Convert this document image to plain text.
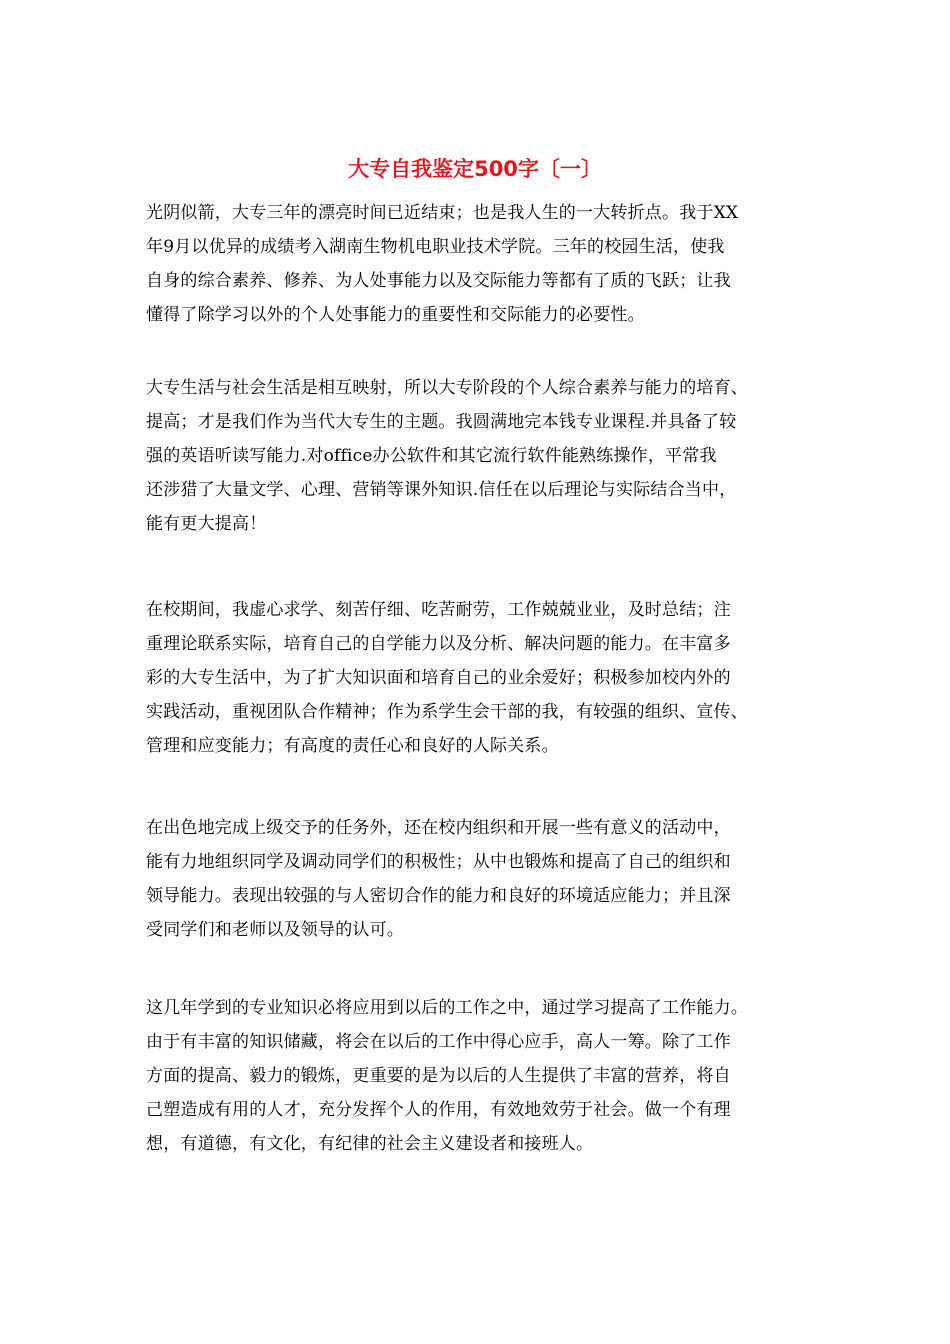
大专自我鉴定500字〔一〕
光阴似箭，大专三年的漂亮时间已近结束；也是我人生的一大转折点。我于XX
年9月以优异的成绩考入湖南生物机电职业技术学院。三年的校园生活，使我
自身的综合素养、修养、为人处事能力以及交际能力等都有了质的飞跃；让我
懂得了除学习以外的个人处事能力的重要性和交际能力的必要性。
大专生活与社会生活是相互映射，所以大专阶段的个人综合素养与能力的培育、
提高；才是我们作为当代大专生的主题。我圆满地完本钱专业课程.并具备了较
强的英语听读写能力.对office办公软件和其它流行软件能熟练操作，平常我
还涉猎了大量文学、心理、营销等课外知识.信任在以后理论与实际结合当中，
能有更大提高！
在校期间，我虚心求学、刻苦仔细、吃苦耐劳，工作兢兢业业，及时总结；注
重理论联系实际，培育自己的自学能力以及分析、解决问题的能力。在丰富多
彩的大专生活中，为了扩大知识面和培育自己的业余爱好；积极参加校内外的
实践活动，重视团队合作精神；作为系学生会干部的我，有较强的组织、宣传、
管理和应变能力；有高度的责任心和良好的人际关系。
在出色地完成上级交予的任务外，还在校内组织和开展一些有意义的活动中，
能有力地组织同学及调动同学们的积极性；从中也锻炼和提高了自己的组织和
领导能力。表现出较强的与人密切合作的能力和良好的环境适应能力；并且深
受同学们和老师以及领导的认可。
这几年学到的专业知识必将应用到以后的工作之中，通过学习提高了工作能力。
由于有丰富的知识储藏，将会在以后的工作中得心应手，高人一筹。除了工作
方面的提高、毅力的锻炼，更重要的是为以后的人生提供了丰富的营养，将自
己塑造成有用的人才，充分发挥个人的作用，有效地效劳于社会。做一个有理
想，有道德，有文化，有纪律的社会主义建设者和接班人。
